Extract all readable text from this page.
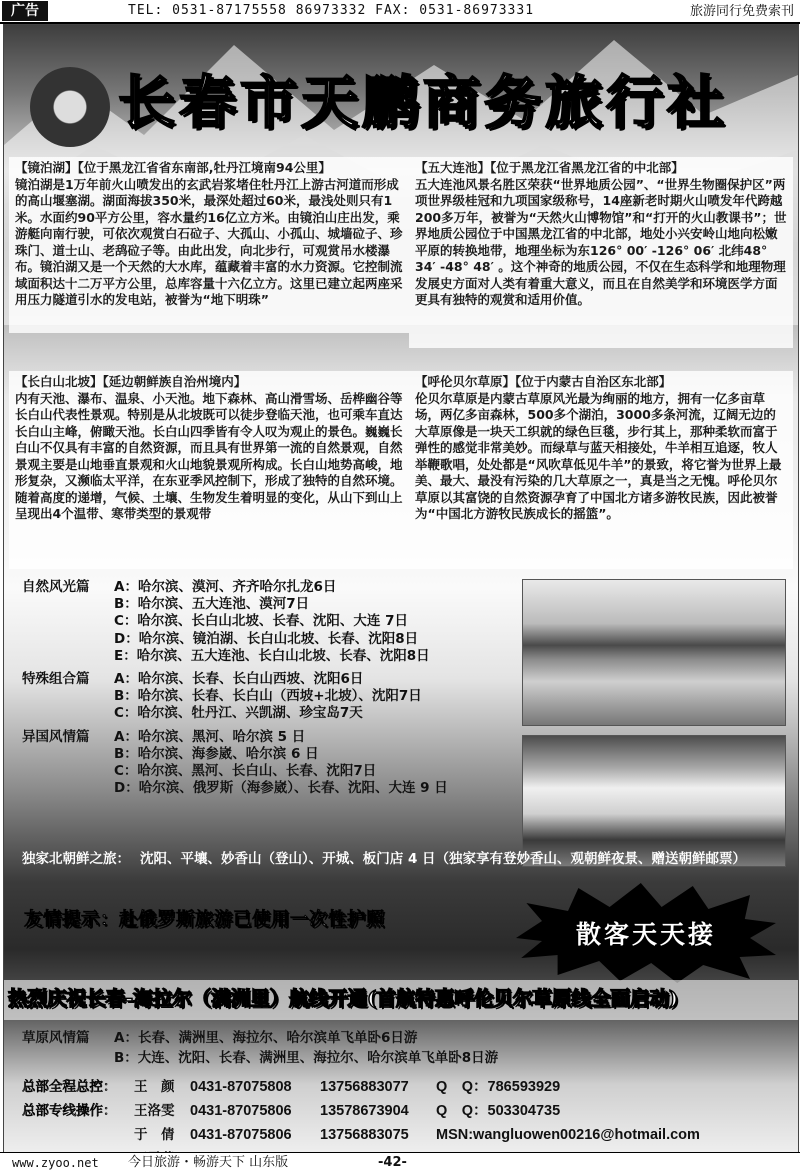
广告	TEL: 0531-87175558 86973332 FAX: 0531-86973331	旅游同行免费索刊
长春市天鹏商务旅行社
【镜泊湖】【位于黑龙江省省东南部,牡丹江境南94公里】
镜泊湖是1万年前火山喷发出的玄武岩浆堵住牡丹江上游古河道而形成的高山堰塞湖。湖面海拔350米，最深处超过60米，最浅处则只有1米。水面约90平方公里，容水量约16亿立方米。由镜泊山庄出发，乘游艇向南行驶，可依次观赏白石砬子、大孤山、小孤山、城墙砬子、珍珠门、道士山、老鸹砬子等。由此出发，向北步行，可观赏吊水楼瀑布。镜泊湖又是一个天然的大水库，蕴藏着丰富的水力资源。它控制流域面积达十二万平方公里，总库容量十六亿立方。这里已建立起两座采用压力隧道引水的发电站，被誉为“地下明珠”
【五大连池】【位于黑龙江省黑龙江省的中北部】
五大连池风景名胜区荣获“世界地质公园”、“世界生物圈保护区”两项世界级桂冠和九项国家级称号，14座新老时期火山喷发年代跨越200多万年，被誉为“天然火山博物馆”和“打开的火山教课书”；世界地质公园位于中国黑龙江省的中北部，地处小兴安岭山地向松嫩平原的转换地带，地理坐标为东126° 00′ -126° 06′ 北纬48° 34′ -48° 48′ 。这个神奇的地质公园，不仅在生态科学和地理物理发展史方面对人类有着重大意义，而且在自然美学和环境医学方面更具有独特的观赏和适用价值。
【长白山北坡】【延边朝鲜族自治州境内】
内有天池、瀑布、温泉、小天池。地下森林、高山滑雪场、岳桦幽谷等长白山代表性景观。特别是从北坡既可以徒步登临天池，也可乘车直达长白山主峰，俯瞰天池。长白山四季皆有令人叹为观止的景色。巍巍长白山不仅具有丰富的自然资源，而且具有世界第一流的自然景观，自然景观主要是山地垂直景观和火山地貌景观所构成。长白山地势高峻，地形复杂，又濒临太平洋，在东亚季风控制下，形成了独特的自然环境。随着高度的递增，气候、土壤、生物发生着明显的变化，从山下到山上呈现出4个温带、寒带类型的景观带
【呼伦贝尔草原】【位于内蒙古自治区东北部】
伦贝尔草原是内蒙古草原风光最为绚丽的地方，拥有一亿多亩草场，两亿多亩森林，500多个湖泊，3000多条河流，辽阔无边的大草原像是一块天工织就的绿色巨毯，步行其上，那种柔软而富于弹性的感觉非常美妙。而绿草与蓝天相接处，牛羊相互追逐，牧人举鞭歌唱，处处都是“风吹草低见牛羊”的景致，将它誉为世界上最美、最大、最没有污染的几大草原之一，真是当之无愧。呼伦贝尔草原以其富饶的自然资源孕育了中国北方诸多游牧民族，因此被誉为“中国北方游牧民族成长的摇篮”。
自然风光篇	A：哈尔滨、漠河、齐齐哈尔扎龙6日
B：哈尔滨、五大连池、漠河7日
C：哈尔滨、长白山北坡、长春、沈阳、大连 7日
D：哈尔滨、镜泊湖、长白山北坡、长春、沈阳8日
E：哈尔滨、五大连池、长白山北坡、长春、沈阳8日
特殊组合篇	A：哈尔滨、长春、长白山西坡、沈阳6日
B：哈尔滨、长春、长白山（西坡+北坡）、沈阳7日
C：哈尔滨、牡丹江、兴凯湖、珍宝岛7天
异国风情篇	A：哈尔滨、黑河、哈尔滨 5 日
B：哈尔滨、海参崴、哈尔滨 6 日
C：哈尔滨、黑河、长白山、长春、沈阳7日
D：哈尔滨、俄罗斯（海参崴）、长春、沈阳、大连 9 日
独家北朝鲜之旅： 沈阳、平壤、妙香山（登山）、开城、板门店 4 日（独家享有登妙香山、观朝鲜夜景、赠送朝鲜邮票）
友情提示：赴俄罗斯旅游已使用一次性护照
散客天天接
热烈庆祝长春-海拉尔（满洲里）航线开通(首航特惠呼伦贝尔草原线全面启动)
草原风情篇	A：长春、满洲里、海拉尔、哈尔滨单飞单卧6日游
B：大连、沈阳、长春、满洲里、海拉尔、哈尔滨单飞单卧8日游
总部全程总控：	王　颜	0431-87075808	13756883077	Q　Q：786593929
总部专线操作：	王洛雯	0431-87075806	13578673904	Q　Q：503304735
于　倩	0431-87075806	13756883075	MSN:wangluowen00216@hotmail.com
www.zyoo.net 今日旅游・畅游天下 山东版	-42-
